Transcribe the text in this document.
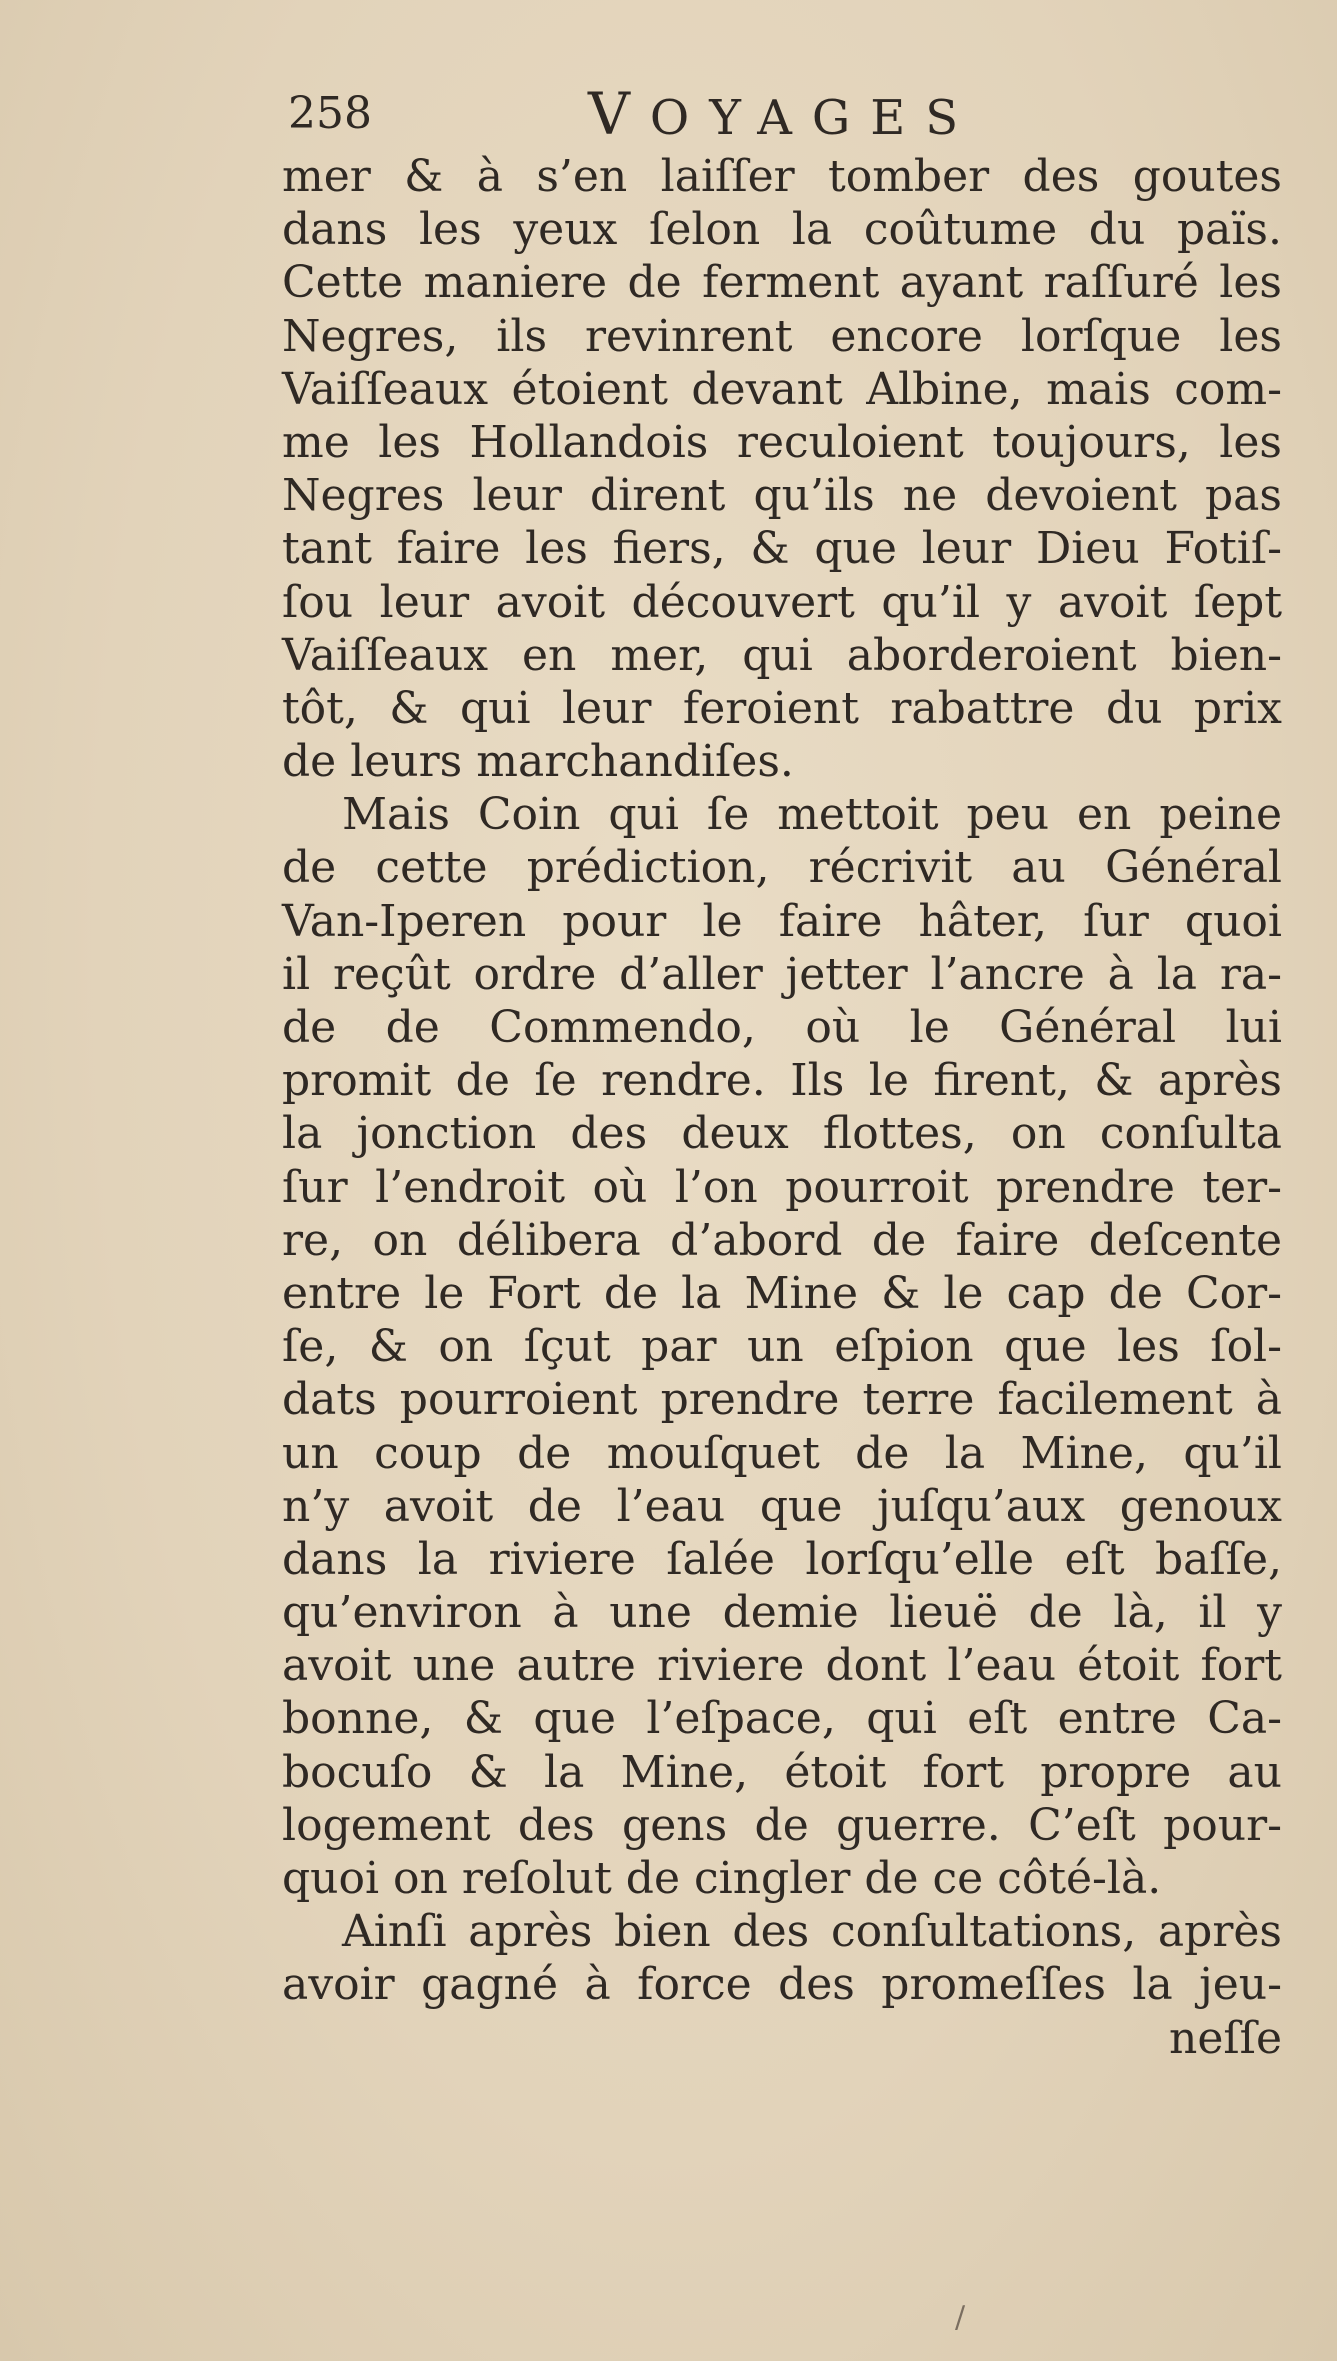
258	VOYAGES
mer & à s’en laiſſer tomber des goutes
dans les yeux ſelon la coûtume du païs.
Cette maniere de ferment ayant raſſuré les
Negres, ils revinrent encore lorſque les
Vaiſſeaux étoient devant Albine, mais com-
me les Hollandois reculoient toujours, les
Negres leur dirent qu’ils ne devoient pas
tant faire les fiers, & que leur Dieu Fotiſ-
ſou leur avoit découvert qu’il y avoit ſept
Vaiſſeaux en mer, qui aborderoient bien-
tôt, & qui leur feroient rabattre du prix
de leurs marchandiſes.
Mais Coin qui ſe mettoit peu en peine
de cette prédiction, récrivit au Général
Van-Iperen pour le faire hâter, ſur quoi
il reçût ordre d’aller jetter l’ancre à la ra-
de de Commendo, où le Général lui
promit de ſe rendre. Ils le firent, & après
la jonction des deux flottes, on conſulta
ſur l’endroit où l’on pourroit prendre ter-
re, on délibera d’abord de faire deſcente
entre le Fort de la Mine & le cap de Cor-
ſe, & on ſçut par un eſpion que les ſol-
dats pourroient prendre terre facilement à
un coup de mouſquet de la Mine, qu’il
n’y avoit de l’eau que juſqu’aux genoux
dans la riviere ſalée lorſqu’elle eſt baſſe,
qu’environ à une demie lieuë de là, il y
avoit une autre riviere dont l’eau étoit fort
bonne, & que l’eſpace, qui eſt entre Ca-
bocuſo & la Mine, étoit fort propre au
logement des gens de guerre. C’eſt pour-
quoi on reſolut de cingler de ce côté-là.
Ainſi après bien des conſultations, après
avoir gagné à force des promeſſes la jeu-
neſſe
/
